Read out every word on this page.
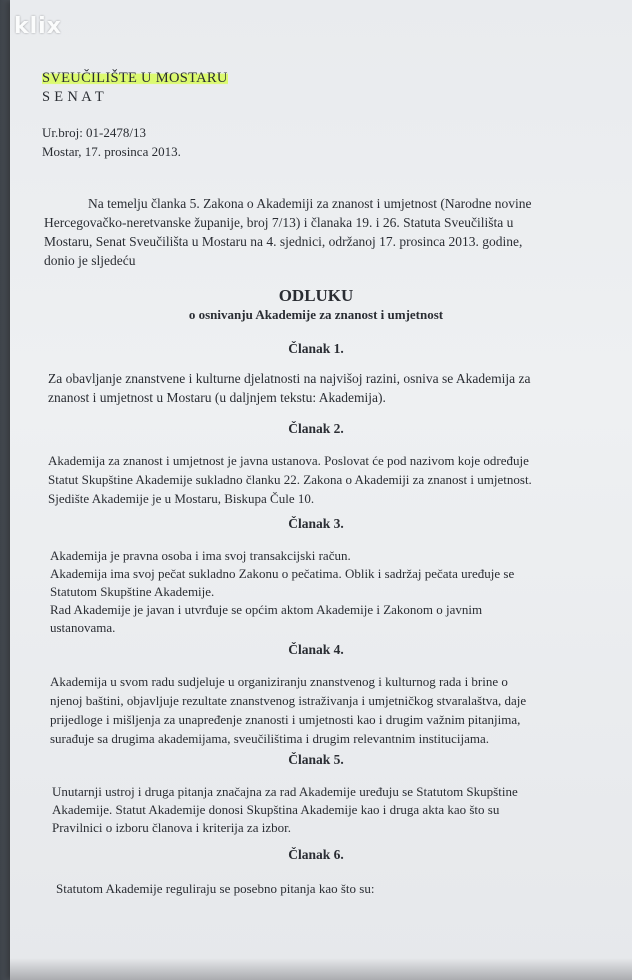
klix
SVEUČILIŠTE U MOSTARU
S E N A T
Ur.broj: 01-2478/13
Mostar, 17. prosinca 2013.
Na temelju članka 5. Zakona o Akademiji za znanost i umjetnost (Narodne novine
Hercegovačko-neretvanske županije, broj 7/13) i članaka 19. i 26. Statuta Sveučilišta u
Mostaru, Senat Sveučilišta u Mostaru na 4. sjednici, održanoj 17. prosinca 2013. godine,
donio je sljedeću
ODLUKU
o osnivanju Akademije za znanost i umjetnost
Članak 1.
Za obavljanje znanstvene i kulturne djelatnosti na najvišoj razini, osniva se Akademija za
znanost i umjetnost u Mostaru (u daljnjem tekstu: Akademija).
Članak 2.
Akademija za znanost i umjetnost je javna ustanova. Poslovat će pod nazivom koje određuje
Statut Skupštine Akademije sukladno članku 22. Zakona o Akademiji za znanost i umjetnost.
Sjedište Akademije je u Mostaru, Biskupa Čule 10.
Članak 3.
Akademija je pravna osoba i ima svoj transakcijski račun.
Akademija ima svoj pečat sukladno Zakonu o pečatima. Oblik i sadržaj pečata uređuje se
Statutom Skupštine Akademije.
Rad Akademije je javan i utvrđuje se općim aktom Akademije i Zakonom o javnim
ustanovama.
Članak 4.
Akademija u svom radu sudjeluje u organiziranju znanstvenog i kulturnog rada i brine o
njenoj baštini, objavljuje rezultate znanstvenog istraživanja i umjetničkog stvaralaštva, daje
prijedloge i mišljenja za unapređenje znanosti i umjetnosti kao i drugim važnim pitanjima,
surađuje sa drugima akademijama, sveučilištima i drugim relevantnim institucijama.
Članak 5.
Unutarnji ustroj i druga pitanja značajna za rad Akademije uređuju se Statutom Skupštine
Akademije. Statut Akademije donosi Skupština Akademije kao i druga akta kao što su
Pravilnici o izboru članova i kriterija za izbor.
Članak 6.
Statutom Akademije reguliraju se posebno pitanja kao što su:
